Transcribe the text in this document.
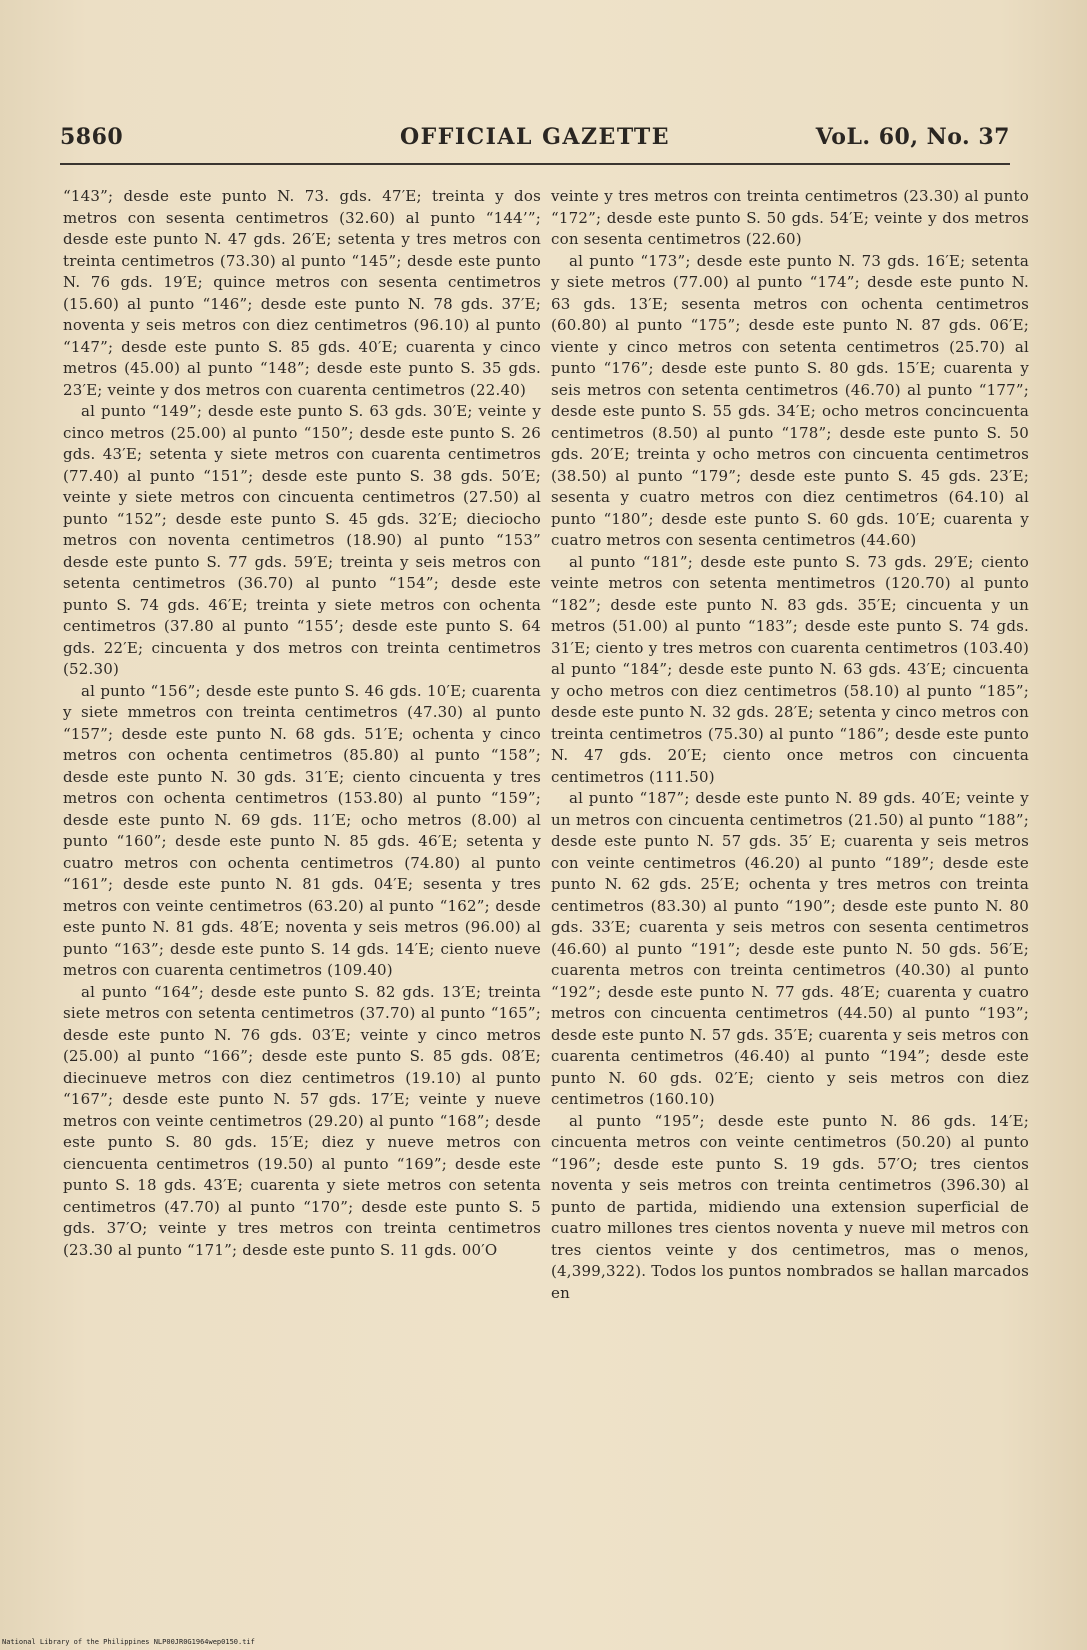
5860	OFFICIAL GAZETTE	VoL. 60, No. 37

“143”; desde este punto N. 73. gds. 47′E; treinta y dos metros con sesenta centimetros (32.60) al punto “144’”; desde este punto N. 47 gds. 26′E; setenta y tres metros con treinta centimetros (73.30) al punto “145”; desde este punto N. 76 gds. 19′E; quince metros con sesenta centimetros (15.60) al punto “146”; desde este punto N. 78 gds. 37′E; noventa y seis metros con diez centimetros (96.10) al punto “147”; desde este punto S. 85 gds. 40′E; cuarenta y cinco metros (45.00) al punto “148”; desde este punto S. 35 gds. 23′E; veinte y dos metros con cuarenta centimetros (22.40)

al punto “149”; desde este punto S. 63 gds. 30′E; veinte y cinco metros (25.00) al punto “150”; desde este punto S. 26 gds. 43′E; setenta y siete metros con cuarenta centimetros (77.40) al punto “151”; desde este punto S. 38 gds. 50′E; veinte y siete metros con cincuenta centimetros (27.50) al punto “152”; desde este punto S. 45 gds. 32′E; dieciocho metros con noventa centimetros (18.90) al punto “153” desde este punto S. 77 gds. 59′E; treinta y seis metros con setenta centimetros (36.70) al punto “154”; desde este punto S. 74 gds. 46′E; treinta y siete metros con ochenta centimetros (37.80 al punto “155’; desde este punto S. 64 gds. 22′E; cincuenta y dos metros con treinta centimetros (52.30)

al punto “156”; desde este punto S. 46 gds. 10′E; cuarenta y siete mmetros con treinta centimetros (47.30) al punto “157”; desde este punto N. 68 gds. 51′E; ochenta y cinco metros con ochenta centimetros (85.80) al punto “158”; desde este punto N. 30 gds. 31′E; ciento cincuenta y tres metros con ochenta centimetros (153.80) al punto “159”; desde este punto N. 69 gds. 11′E; ocho metros (8.00) al punto “160”; desde este punto N. 85 gds. 46′E; setenta y cuatro metros con ochenta centimetros (74.80) al punto “161”; desde este punto N. 81 gds. 04′E; sesenta y tres metros con veinte centimetros (63.20) al punto “162”; desde este punto N. 81 gds. 48′E; noventa y seis metros (96.00) al punto “163”; desde este punto S. 14 gds. 14′E; ciento nueve metros con cuarenta centimetros (109.40)

al punto “164”; desde este punto S. 82 gds. 13′E; treinta siete metros con setenta centimetros (37.70) al punto “165”; desde este punto N. 76 gds. 03′E; veinte y cinco metros (25.00) al punto “166”; desde este punto S. 85 gds. 08′E; diecinueve metros con diez centimetros (19.10) al punto “167”; desde este punto N. 57 gds. 17′E; veinte y nueve metros con veinte centimetros (29.20) al punto “168”; desde este punto S. 80 gds. 15′E; diez y nueve metros con ciencuenta centimetros (19.50) al punto “169”; desde este punto S. 18 gds. 43′E; cuarenta y siete metros con setenta centimetros (47.70) al punto “170”; desde este punto S. 5 gds. 37′O; veinte y tres metros con treinta centimetros (23.30 al punto “171”; desde este punto S. 11 gds. 00′O

veinte y tres metros con treinta centimetros (23.30) al punto “172”; desde este punto S. 50 gds. 54′E; veinte y dos metros con sesenta centimetros (22.60)

al punto “173”; desde este punto N. 73 gds. 16′E; setenta y siete metros (77.00) al punto “174”; desde este punto N. 63 gds. 13′E; sesenta metros con ochenta centimetros (60.80) al punto “175”; desde este punto N. 87 gds. 06′E; viente y cinco metros con setenta centimetros (25.70) al punto “176”; desde este punto S. 80 gds. 15′E; cuarenta y seis metros con setenta centimetros (46.70) al punto “177”; desde este punto S. 55 gds. 34′E; ocho metros concincuenta centimetros (8.50) al punto “178”; desde este punto S. 50 gds. 20′E; treinta y ocho metros con cincuenta centimetros (38.50) al punto “179”; desde este punto S. 45 gds. 23′E; sesenta y cuatro metros con diez centimetros (64.10) al punto “180”; desde este punto S. 60 gds. 10′E; cuarenta y cuatro metros con sesenta centimetros (44.60)

al punto “181”; desde este punto S. 73 gds. 29′E; ciento veinte metros con setenta mentimetros (120.70) al punto “182”; desde este punto N. 83 gds. 35′E; cincuenta y un metros (51.00) al punto “183”; desde este punto S. 74 gds. 31′E; ciento y tres metros con cuarenta centimetros (103.40) al punto “184”; desde este punto N. 63 gds. 43′E; cincuenta y ocho metros con diez centimetros (58.10) al punto “185”; desde este punto N. 32 gds. 28′E; setenta y cinco metros con treinta centimetros (75.30) al punto “186”; desde este punto N. 47 gds. 20′E; ciento once metros con cincuenta centimetros (111.50)

al punto “187”; desde este punto N. 89 gds. 40′E; veinte y un metros con cincuenta centimetros (21.50) al punto “188”; desde este punto N. 57 gds. 35′ E; cuarenta y seis metros con veinte centimetros (46.20) al punto “189”; desde este punto N. 62 gds. 25′E; ochenta y tres metros con treinta centimetros (83.30) al punto “190”; desde este punto N. 80 gds. 33′E; cuarenta y seis metros con sesenta centimetros (46.60) al punto “191”; desde este punto N. 50 gds. 56′E; cuarenta metros con treinta centimetros (40.30) al punto “192”; desde este punto N. 77 gds. 48′E; cuarenta y cuatro metros con cincuenta centimetros (44.50) al punto “193”; desde este punto N. 57 gds. 35′E; cuarenta y seis metros con cuarenta centimetros (46.40) al punto “194”; desde este punto N. 60 gds. 02′E; ciento y seis metros con diez centimetros (160.10)

al punto “195”; desde este punto N. 86 gds. 14′E; cincuenta metros con veinte centimetros (50.20) al punto “196”; desde este punto S. 19 gds. 57′O; tres cientos noventa y seis metros con treinta centimetros (396.30) al punto de partida, midiendo una extension superficial de cuatro millones tres cientos noventa y nueve mil metros con tres cientos veinte y dos centimetros, mas o menos, (4,399,322). Todos los puntos nombrados se hallan marcados en

National Library of the Philippines NLP00JR0G1964wep0150.tif
